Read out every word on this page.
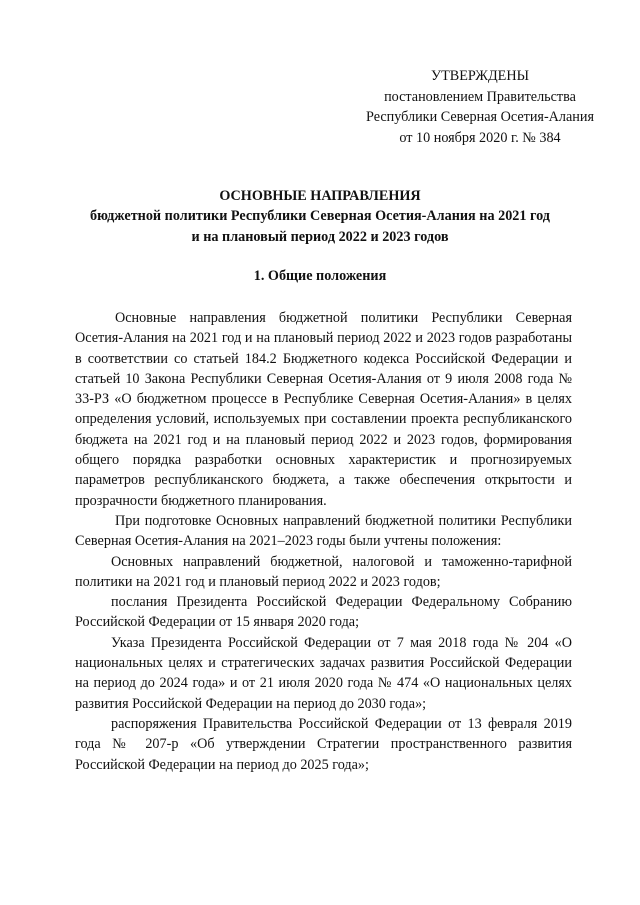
УТВЕРЖДЕНЫ
постановлением Правительства
Республики Северная Осетия-Алания
от 10 ноября 2020 г. № 384
ОСНОВНЫЕ НАПРАВЛЕНИЯ
бюджетной политики Республики Северная Осетия-Алания на 2021 год
и на плановый период 2022 и 2023 годов
1. Общие положения

Основные направления бюджетной политики Республики Северная Осетия-Алания на 2021 год и на плановый период 2022 и 2023 годов разработаны в соответствии со статьей 184.2 Бюджетного кодекса Российской Федерации и статьей 10 Закона Республики Северная Осетия-Алания от 9 июля 2008 года № 33-РЗ «О бюджетном процессе в Республике Северная Осетия-Алания» в целях определения условий, используемых при составлении проекта республиканского бюджета на 2021 год и на плановый период 2022 и 2023 годов, формирования общего порядка разработки основных характеристик и прогнозируемых параметров республиканского бюджета, а также обеспечения открытости и прозрачности бюджетного планирования.

При подготовке Основных направлений бюджетной политики Республики Северная Осетия-Алания на 2021–2023 годы были учтены положения:

Основных направлений бюджетной, налоговой и таможенно-тарифной политики на 2021 год и плановый период 2022 и 2023 годов;

послания Президента Российской Федерации Федеральному Собранию Российской Федерации от 15 января 2020 года;

Указа Президента Российской Федерации от 7 мая 2018 года № 204 «О национальных целях и стратегических задачах развития Российской Федерации на период до 2024 года» и от 21 июля 2020 года № 474 «О национальных целях развития Российской Федерации на период до 2030 года»;

распоряжения Правительства Российской Федерации от 13 февраля 2019 года № 207-р «Об утверждении Стратегии пространственного развития Российской Федерации на период до 2025 года»;
